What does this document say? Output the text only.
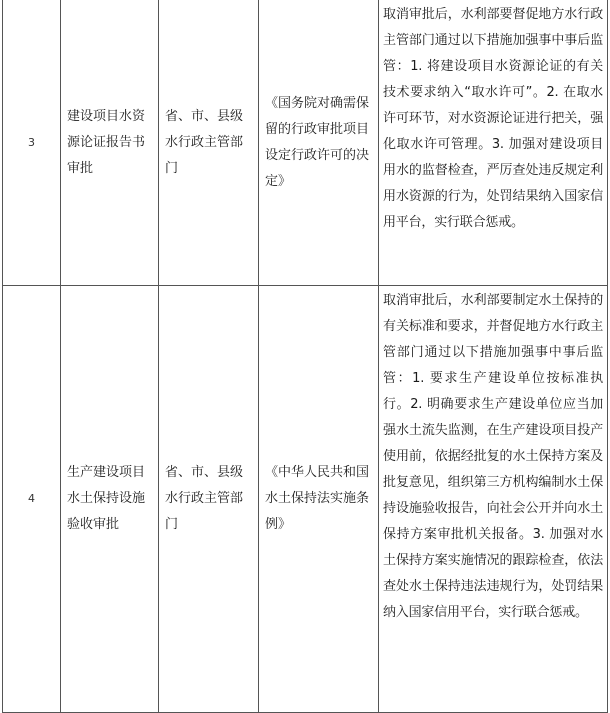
3	建设项目水资源论证报告书审批	省、市、县级水行政主管部门	《国务院对确需保留的行政审批项目设定行政许可的决定》	取消审批后，水利部要督促地方水行政主管部门通过以下措施加强事中事后监管：1. 将建设项目水资源论证的有关技术要求纳入“取水许可”。2. 在取水许可环节，对水资源论证进行把关，强化取水许可管理。3. 加强对建设项目用水的监督检查，严厉查处违反规定利用水资源的行为，处罚结果纳入国家信用平台，实行联合惩戒。

4	生产建设项目水土保持设施验收审批	省、市、县级水行政主管部门	《中华人民共和国水土保持法实施条例》	取消审批后，水利部要制定水土保持的有关标准和要求，并督促地方水行政主管部门通过以下措施加强事中事后监管：1. 要求生产建设单位按标准执行。2. 明确要求生产建设单位应当加强水土流失监测，在生产建设项目投产使用前，依据经批复的水土保持方案及批复意见，组织第三方机构编制水土保持设施验收报告，向社会公开并向水土保持方案审批机关报备。3. 加强对水土保持方案实施情况的跟踪检查，依法查处水土保持违法违规行为，处罚结果纳入国家信用平台，实行联合惩戒。
